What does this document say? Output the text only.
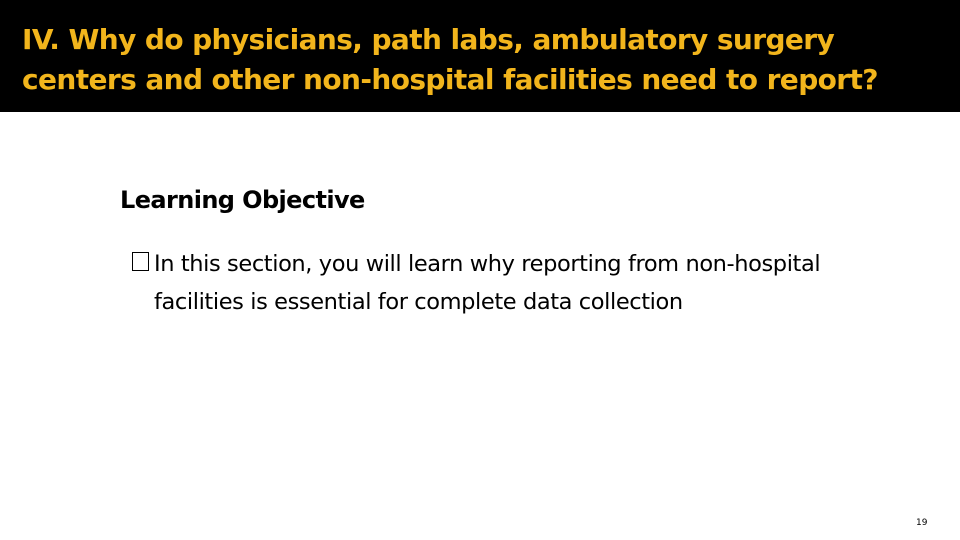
IV. Why do physicians, path labs, ambulatory surgery centers and other non-hospital facilities need to report?
Learning Objective

In this section, you will learn why reporting from non-hospital facilities is essential for complete data collection

19
